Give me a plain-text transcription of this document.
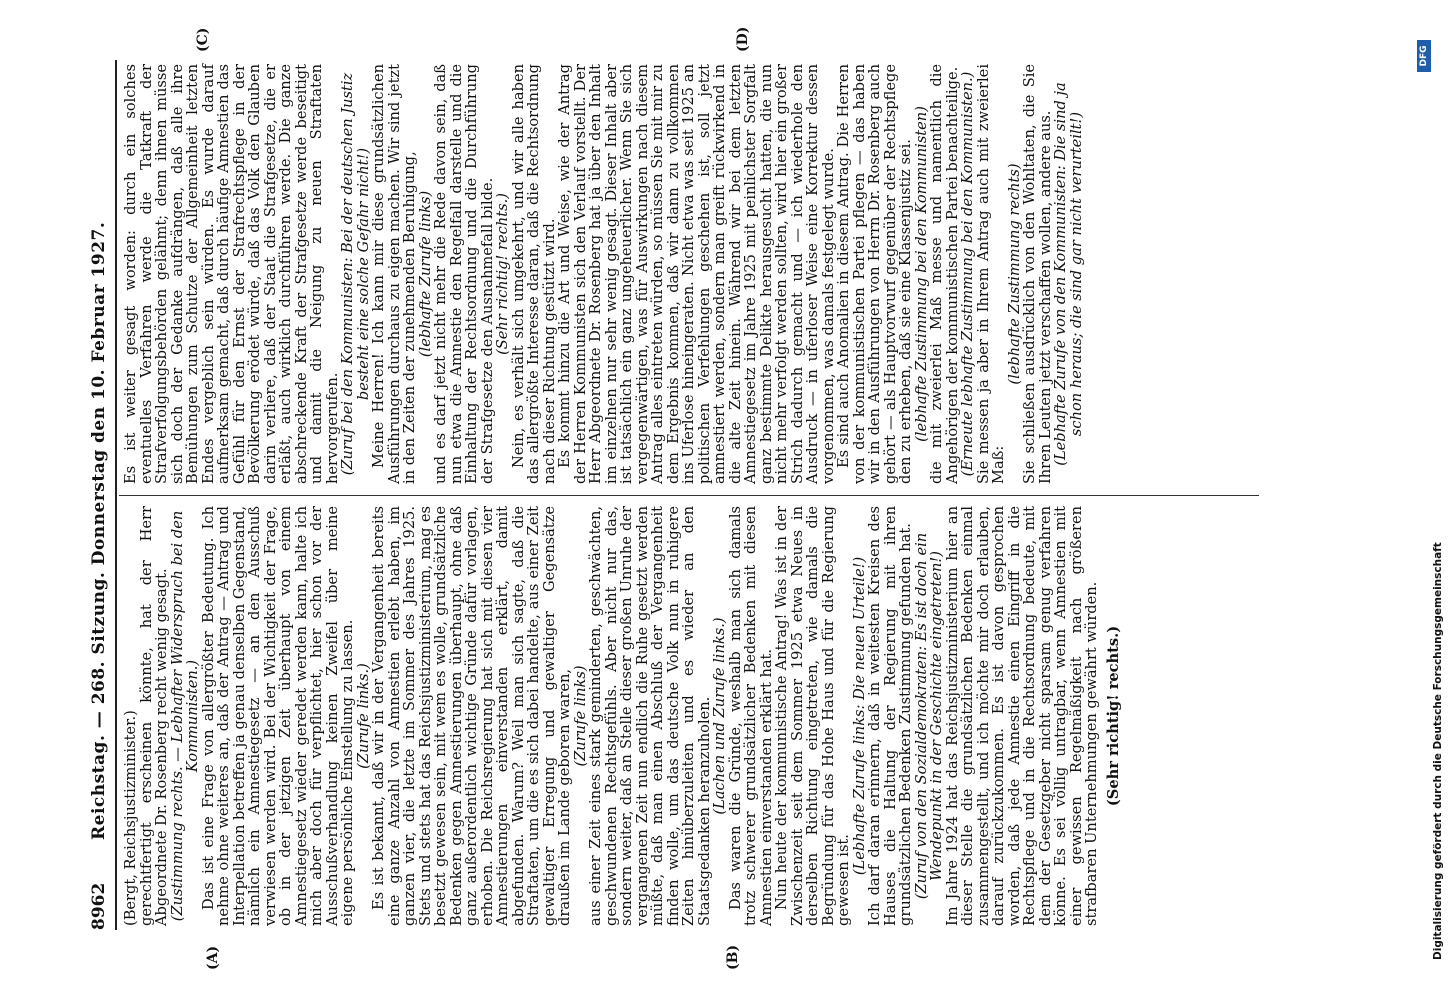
8962
Reichstag. — 268. Sitzung. Donnerstag den 10. Februar 1927.
(A)	(B)
(C)	(D)

(Bergt, Reichsjustizminister.)

gerechtfertigt erscheinen könnte, hat der Herr Abgeordnete Dr. Rosenberg recht wenig gesagt.

(Zustimmung rechts. — Lebhafter Widerspruch bei den Kommunisten.)

Das ist eine Frage von allergrößter Bedeutung. Ich nehme ohne weiteres an, daß der Antrag — Antrag und Interpellation betreffen ja genau denselben Gegenstand, nämlich ein Amnestiegesetz — an den Ausschuß verwiesen werden wird. Bei der Wichtigkeit der Frage, ob in der jetzigen Zeit überhaupt von einem Amnestiegesetz wieder geredet werden kann, halte ich mich aber doch für verpflichtet, hier schon vor der Ausschußverhandlung keinen Zweifel über meine eigene persönliche Einstellung zu lassen.

(Zurufe links.)

Es ist bekannt, daß wir in der Vergangenheit bereits eine ganze Anzahl von Amnestien erlebt haben, im ganzen vier, die letzte im Sommer des Jahres 1925. Stets und stets hat das Reichsjustizministerium, mag es besetzt gewesen sein, mit wem es wolle, grundsätzliche Bedenken gegen Amnestierungen überhaupt, ohne daß ganz außerordentlich wichtige Gründe dafür vorlagen, erhoben. Die Reichsregierung hat sich mit diesen vier Amnestierungen einverstanden erklärt, damit abgefunden. Warum? Weil man sich sagte, daß die Straftaten, um die es sich dabei handelte, aus einer Zeit gewaltiger Erregung und gewaltiger Gegensätze draußen im Lande geboren waren,

(Zurufe links)

aus einer Zeit eines stark geminderten, geschwächten, geschwundenen Rechtsgefühls. Aber nicht nur das, sondern weiter, daß an Stelle dieser großen Unruhe der vergangenen Zeit nun endlich die Ruhe gesetzt werden müßte, daß man einen Abschluß der Vergangenheit finden wolle, um das deutsche Volk nun in ruhigere Zeiten hinüberzuleiten und es wieder an den Staatsgedanken heranzuholen.

(Lachen und Zurufe links.)

Das waren die Gründe, weshalb man sich damals trotz schwerer grundsätzlicher Bedenken mit diesen Amnestien einverstanden erklärt hat.

Nun heute der kommunistische Antrag! Was ist in der Zwischenzeit seit dem Sommer 1925 etwa Neues in derselben Richtung eingetreten, wie damals die Begründung für das Hohe Haus und für die Regierung gewesen ist.

(Lebhafte Zurufe links: Die neuen Urteile!)

Ich darf daran erinnern, daß in weitesten Kreisen des Hauses die Haltung der Regierung mit ihren grundsätzlichen Bedenken Zustimmung gefunden hat.

(Zuruf von den Sozialdemokraten: Es ist doch ein Wendepunkt in der Geschichte eingetreten!)

Im Jahre 1924 hat das Reichsjustizministerium hier an dieser Stelle die grundsätzlichen Bedenken einmal zusammengestellt, und ich möchte mir doch erlauben, darauf zurückzukommen. Es ist davon gesprochen worden, daß jede Amnestie einen Eingriff in die Rechtspflege und in die Rechtsordnung bedeute, mit dem der Gesetzgeber nicht sparsam genug verfahren könne. Es sei völlig untragbar, wenn Amnestien mit einer gewissen Regelmäßigkeit nach größeren strafbaren Unternehmungen gewährt würden. (Sehr richtig! rechts.)

Es ist weiter gesagt worden: durch ein solches eventuelles Verfahren werde die Tatkraft der Strafverfolgungsbehörden gelähmt; denn ihnen müsse sich doch der Gedanke aufdrängen, daß alle ihre Bemühungen zum Schutze der Allgemeinheit letzten Endes vergeblich sein würden. Es wurde darauf aufmerksam gemacht, daß durch häufige Amnestien das Gefühl für den Ernst der Strafrechtspflege in der Bevölkerung erödet würde, daß das Volk den Glauben darin verliere, daß der Staat die Strafgesetze, die er erläßt, auch wirklich durchführen werde. Die ganze abschreckende Kraft der Strafgesetze werde beseitigt und damit die Neigung zu neuen Straftaten hervorgerufen.

(Zuruf bei den Kommunisten: Bei der deutschen Justiz besteht eine solche Gefahr nicht!)

Meine Herren! Ich kann mir diese grundsätzlichen Ausführungen durchaus zu eigen machen. Wir sind jetzt in den Zeiten der zunehmenden Beruhigung,

(lebhafte Zurufe links)

und es darf jetzt nicht mehr die Rede davon sein, daß nun etwa die Amnestie den Regelfall darstelle und die Einhaltung der Rechtsordnung und die Durchführung der Strafgesetze den Ausnahmefall bilde.

(Sehr richtig! rechts.)

Nein, es verhält sich umgekehrt, und wir alle haben das allergrößte Interesse daran, daß die Rechtsordnung nach dieser Richtung gestützt wird.

Es kommt hinzu die Art und Weise, wie der Antrag der Herren Kommunisten sich den Verlauf vorstellt. Der Herr Abgeordnete Dr. Rosenberg hat ja über den Inhalt im einzelnen nur sehr wenig gesagt. Dieser Inhalt aber ist tatsächlich ein ganz ungeheuerlicher. Wenn Sie sich vergegenwärtigen, was für Auswirkungen nach diesem Antrag alles eintreten würden, so müssen Sie mit mir zu dem Ergebnis kommen, daß wir dann zu vollkommen ins Uferlose hineingeraten. Nicht etwa was seit 1925 an politischen Verfehlungen geschehen ist, soll jetzt amnestiert werden, sondern man greift rückwirkend in die alte Zeit hinein. Während wir bei dem letzten Amnestiegesetz im Jahre 1925 mit peinlichster Sorgfalt ganz bestimmte Delikte herausgesucht hatten, die nun nicht mehr verfolgt werden sollten, wird hier ein großer Strich dadurch gemacht und — ich wiederhole den Ausdruck — in uferloser Weise eine Korrektur dessen vorgenommen, was damals festgelegt wurde.

Es sind auch Anomalien in diesem Antrag. Die Herren von der kommunistischen Partei pflegen — das haben wir in den Ausführungen von Herrn Dr. Rosenberg auch gehört — als Hauptvorwurf gegenüber der Rechtspflege den zu erheben, daß sie eine Klassenjustiz sei.

(lebhafte Zustimmung bei den Kommunisten)

die mit zweierlei Maß messe und namentlich die Angehörigen der kommunistischen Partei benachteilige.

(Erneute lebhafte Zustimmung bei den Kommunisten.)

Sie messen ja aber in Ihrem Antrag auch mit zweierlei Maß:

(lebhafte Zustimmung rechts)

Sie schließen ausdrücklich von den Wohltaten, die Sie Ihren Leuten jetzt verschaffen wollen, andere aus.

(Lebhafte Zurufe von den Kommunisten: Die sind ja schon heraus; die sind gar nicht verurteilt!)

Digitalisierung gefördert durch die Deutsche Forschungsgemeinschaft
DFG
